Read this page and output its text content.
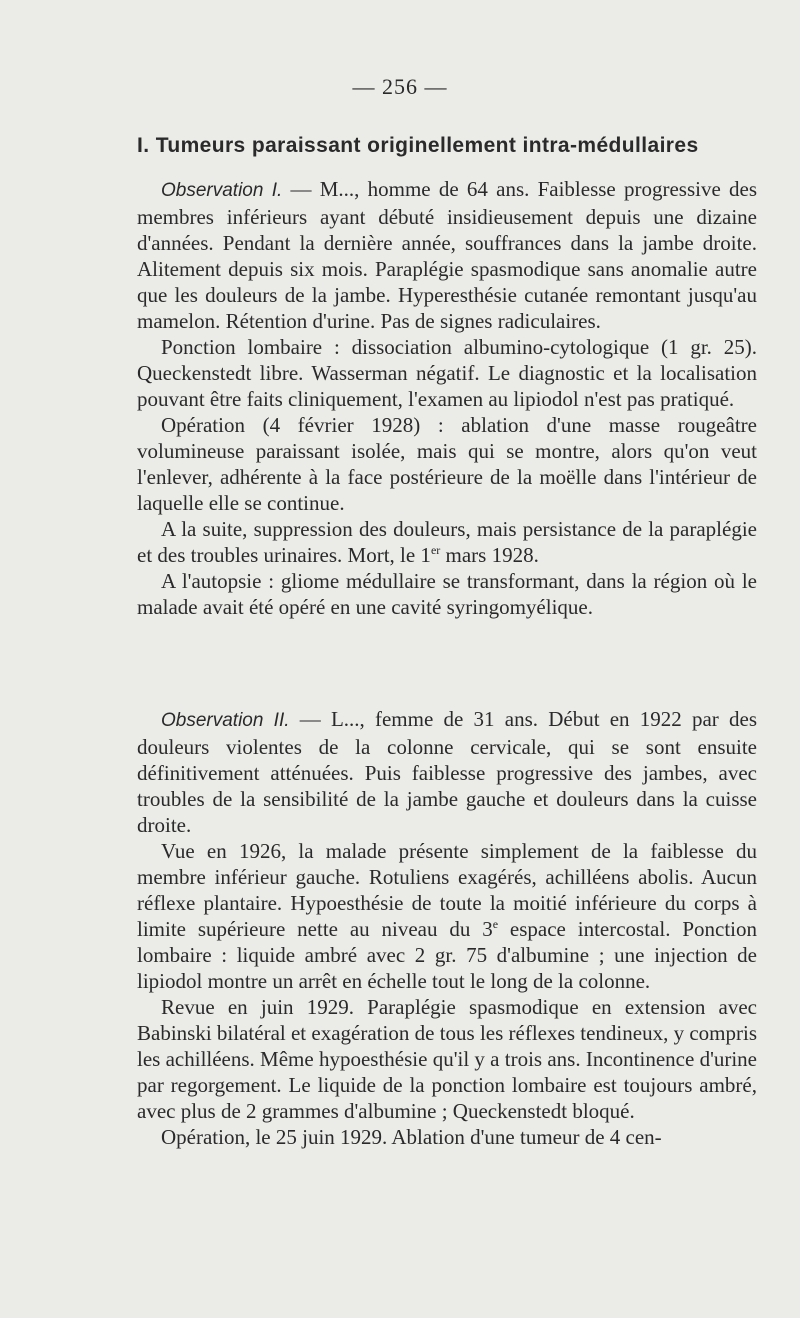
— 256 —
I. Tumeurs paraissant originellement intra-médullaires

Observation I. — M..., homme de 64 ans. Faiblesse progressive des membres inférieurs ayant débuté insidieusement depuis une dizaine d'années. Pendant la dernière année, souffrances dans la jambe droite. Alitement depuis six mois. Paraplégie spasmodique sans anomalie autre que les douleurs de la jambe. Hyperesthésie cutanée remontant jusqu'au mamelon. Rétention d'urine. Pas de signes radiculaires.

Ponction lombaire : dissociation albumino-cytologique (1 gr. 25). Queckenstedt libre. Wasserman négatif. Le diagnostic et la localisation pouvant être faits cliniquement, l'examen au lipiodol n'est pas pratiqué.

Opération (4 février 1928) : ablation d'une masse rougeâtre volumineuse paraissant isolée, mais qui se montre, alors qu'on veut l'enlever, adhérente à la face postérieure de la moëlle dans l'intérieur de laquelle elle se continue.

A la suite, suppression des douleurs, mais persistance de la paraplégie et des troubles urinaires. Mort, le 1er mars 1928.

A l'autopsie : gliome médullaire se transformant, dans la région où le malade avait été opéré en une cavité syringomyélique.

Observation II. — L..., femme de 31 ans. Début en 1922 par des douleurs violentes de la colonne cervicale, qui se sont ensuite définitivement atténuées. Puis faiblesse progressive des jambes, avec troubles de la sensibilité de la jambe gauche et douleurs dans la cuisse droite.

Vue en 1926, la malade présente simplement de la faiblesse du membre inférieur gauche. Rotuliens exagérés, achilléens abolis. Aucun réflexe plantaire. Hypoesthésie de toute la moitié inférieure du corps à limite supérieure nette au niveau du 3e espace intercostal. Ponction lombaire : liquide ambré avec 2 gr. 75 d'albumine ; une injection de lipiodol montre un arrêt en échelle tout le long de la colonne.

Revue en juin 1929. Paraplégie spasmodique en extension avec Babinski bilatéral et exagération de tous les réflexes tendineux, y compris les achilléens. Même hypoesthésie qu'il y a trois ans. Incontinence d'urine par regorgement. Le liquide de la ponction lombaire est toujours ambré, avec plus de 2 grammes d'albumine ; Queckenstedt bloqué.

Opération, le 25 juin 1929. Ablation d'une tumeur de 4 cen-
